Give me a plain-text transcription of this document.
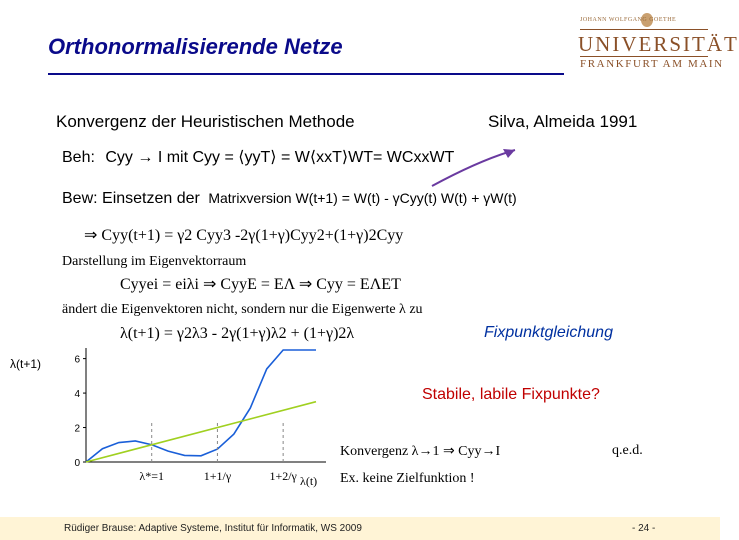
Orthonormalisierende Netze
JOHANN WOLFGANG GOETHE
UNIVERSITÄT
FRANKFURT AM MAIN
Konvergenz der Heuristischen Methode	Silva, Almeida 1991
Beh: Cyy → I mit Cyy = ⟨yyT⟩ = W⟨xxT⟩WT= WCxxWT
Bew: Einsetzen der Matrixversion W(t+1) = W(t) - γCyy(t) W(t) + γW(t)
⇒ Cyy(t+1) = γ2 Cyy3 -2γ(1+γ)Cyy2+(1+γ)2Cyy
Darstellung im Eigenvektorraum
Cyyei = eiλi ⇒ CyyE = EΛ ⇒ Cyy = EΛET
ändert die Eigenvektoren nicht, sondern nur die Eigenwerte λ zu
λ(t+1) = γ2λ3 - 2γ(1+γ)λ2 + (1+γ)2λ	Fixpunktgleichung
0
2
4
6
λ*=1	1+1/γ	1+2/γ
λ(t+1)
λ(t)
Stabile, labile Fixpunkte?
Konvergenz λ→1 ⇒ Cyy→I	q.e.d.
Ex. keine Zielfunktion !
Rüdiger Brause: Adaptive Systeme, Institut für Informatik, WS 2009	- 24 -
